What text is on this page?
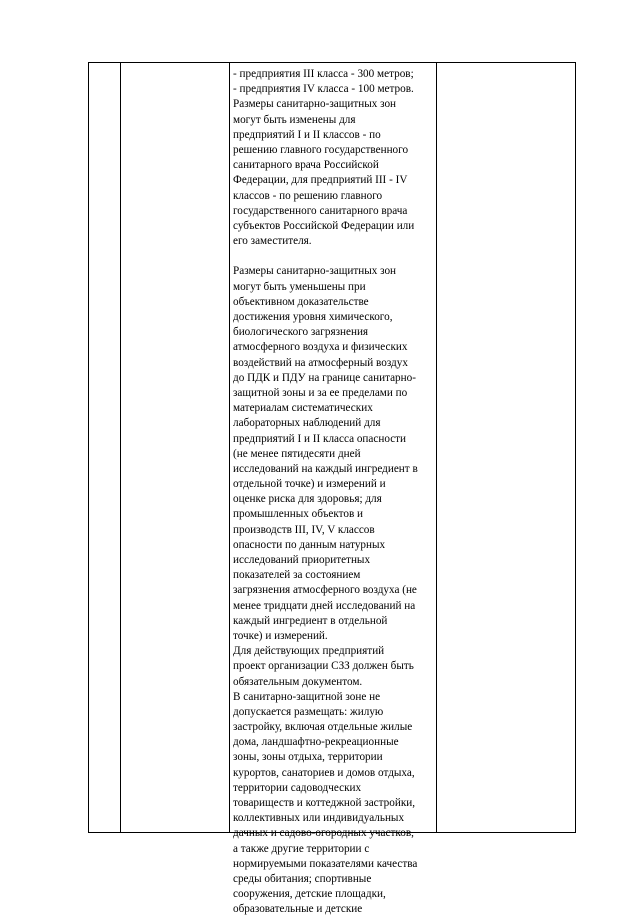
- предприятия III класса - 300 метров;
- предприятия IV класса - 100 метров.
Размеры санитарно-защитных зон
могут быть изменены для
предприятий I и II классов - по
решению главного государственного
санитарного врача Российской
Федерации, для предприятий III - IV
классов - по решению главного
государственного санитарного врача
субъектов Российской Федерации или
его заместителя.
Размеры санитарно-защитных зон
могут быть уменьшены при
объективном доказательстве
достижения уровня химического,
биологического загрязнения
атмосферного воздуха и физических
воздействий на атмосферный воздух
до ПДК и ПДУ на границе санитарно-
защитной зоны и за ее пределами по
материалам систематических
лабораторных наблюдений для
предприятий I и II класса опасности
(не менее пятидесяти дней
исследований на каждый ингредиент в
отдельной точке) и измерений и
оценке риска для здоровья; для
промышленных объектов и
производств III, IV, V классов
опасности по данным натурных
исследований приоритетных
показателей за состоянием
загрязнения атмосферного воздуха (не
менее тридцати дней исследований на
каждый ингредиент в отдельной
точке) и измерений.
Для действующих предприятий
проект организации СЗЗ должен быть
обязательным документом.
В санитарно-защитной зоне не
допускается размещать: жилую
застройку, включая отдельные жилые
дома, ландшафтно-рекреационные
зоны, зоны отдыха, территории
курортов, санаториев и домов отдыха,
территории садоводческих
товариществ и коттеджной застройки,
коллективных или индивидуальных
дачных и садово-огородных участков,
а также другие территории с
нормируемыми показателями качества
среды обитания; спортивные
сооружения, детские площадки,
образовательные и детские
